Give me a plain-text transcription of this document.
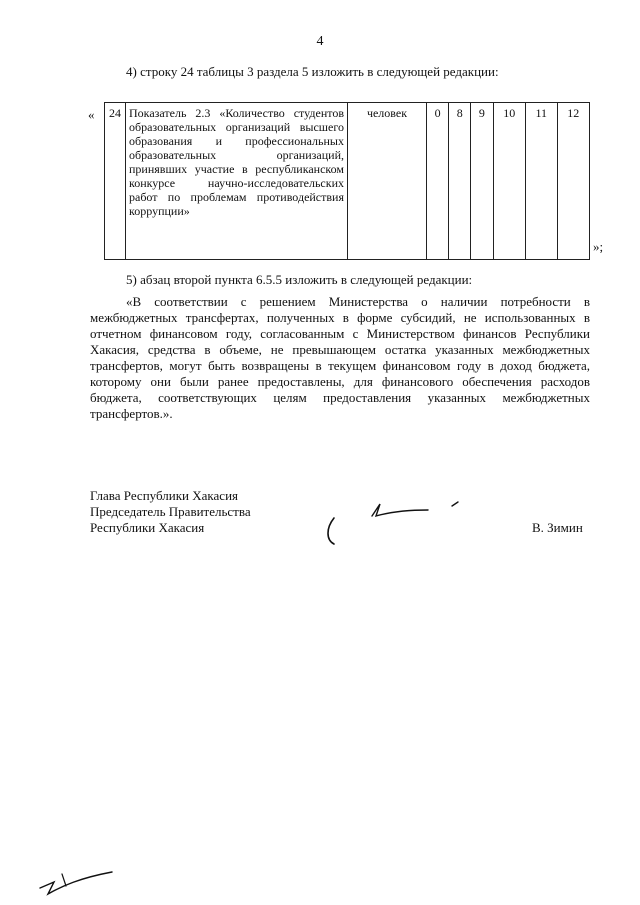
4

4) строку 24 таблицы 3 раздела 5 изложить в следующей редакции:

« 24	Показатель 2.3 «Количество студентов образовательных организаций высшего образования и профессиональных образовательных организаций, принявших участие в республиканском конкурсе научно-исследовательских работ по проблемам противодействия коррупции»	человек	0	8	9	10	11	12
»;

5) абзац второй пункта 6.5.5 изложить в следующей редакции:

«В соответствии с решением Министерства о наличии потребности в межбюджетных трансфертах, полученных в форме субсидий, не использованных в отчетном финансовом году, согласованным с Министерством финансов Республики Хакасия, средства в объеме, не превышающем остатка указанных межбюджетных трансфертов, могут быть возвращены в текущем финансовом году в доход бюджета, которому они были ранее предоставлены, для финансового обеспечения расходов бюджета, соответствующих целям предоставления указанных межбюджетных трансфертов.».

Глава Республики Хакасия
Председатель Правительства
Республики Хакасия	В. Зимин
